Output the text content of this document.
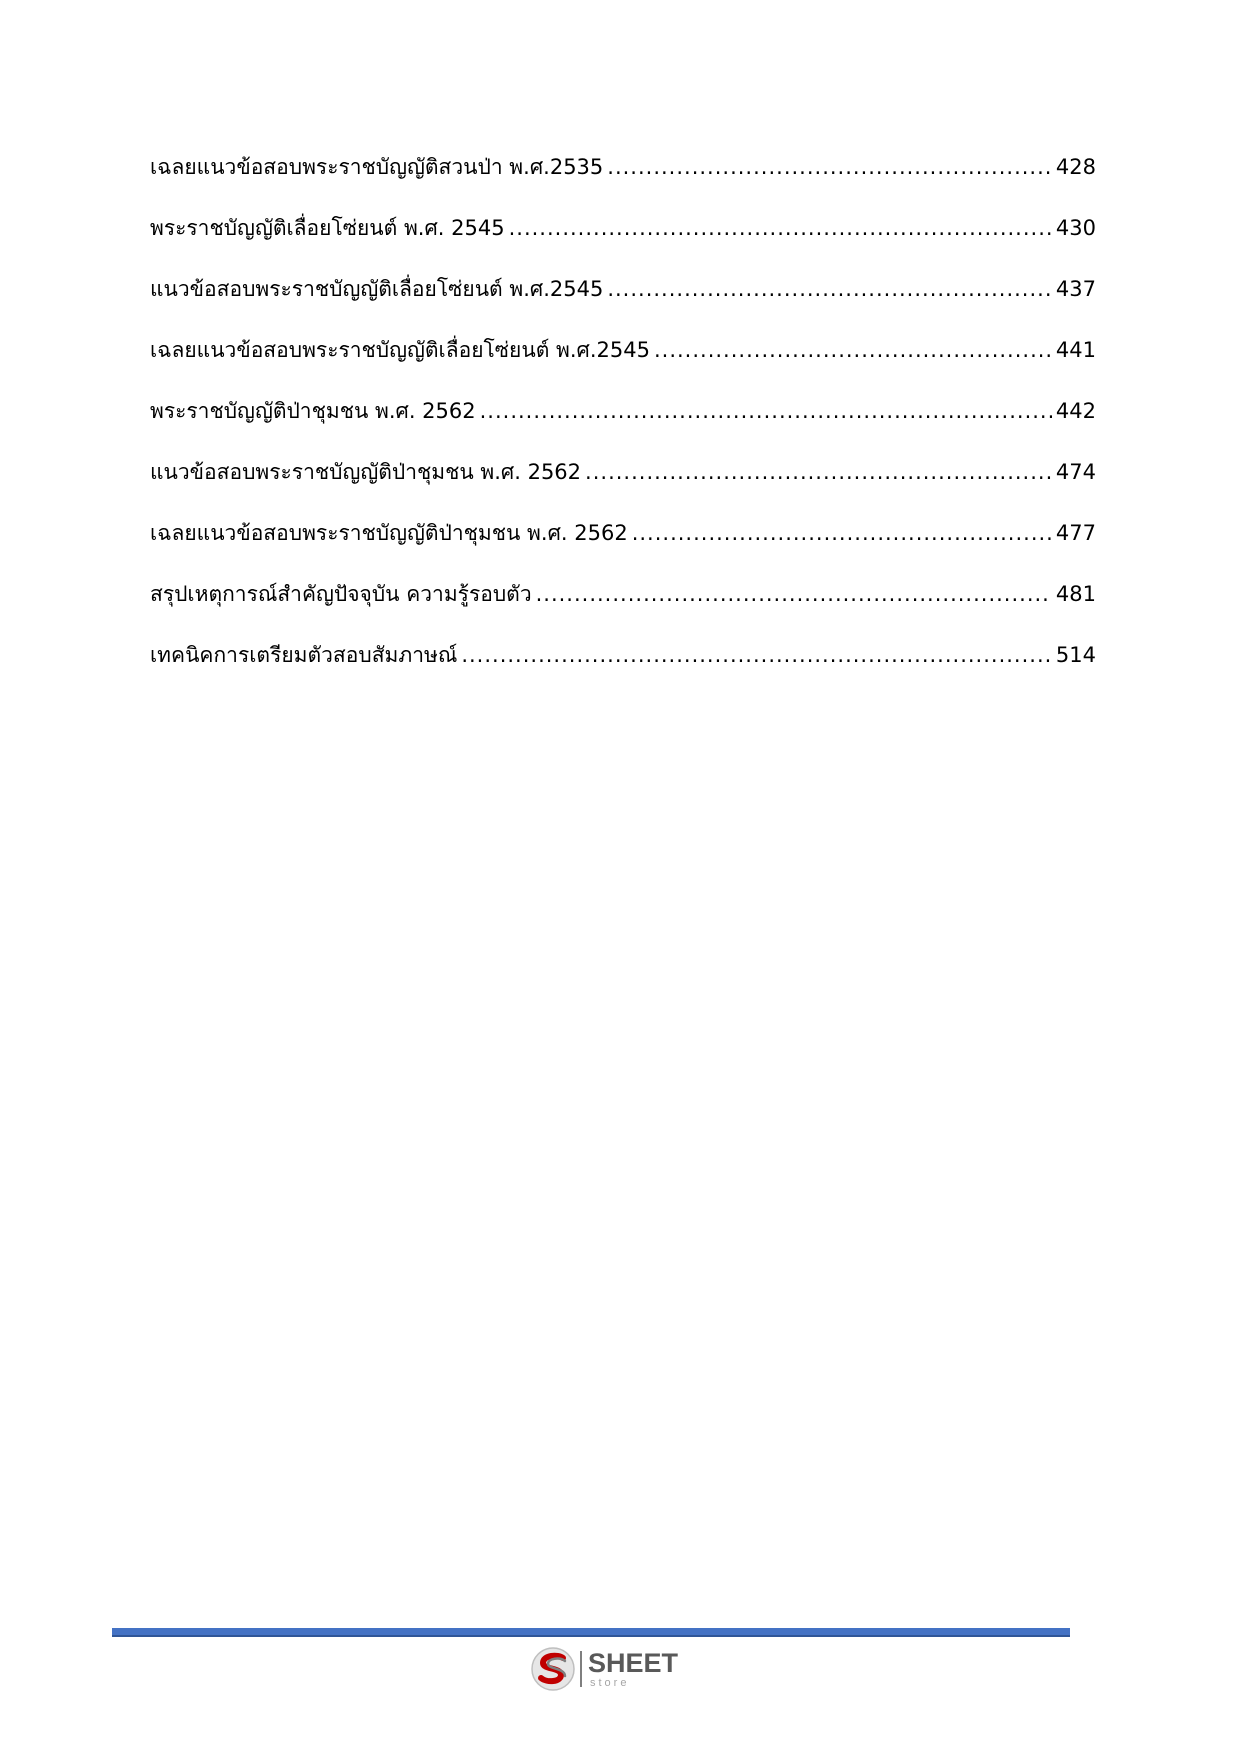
เฉลยแนวข้อสอบพระราชบัญญัติสวนป่า พ.ศ.2535 .....	428
พระราชบัญญัติเลื่อยโซ่ยนต์ พ.ศ. 2545 .....	430
แนวข้อสอบพระราชบัญญัติเลื่อยโซ่ยนต์ พ.ศ.2545 .....	437
เฉลยแนวข้อสอบพระราชบัญญัติเลื่อยโซ่ยนต์ พ.ศ.2545 .....	441
พระราชบัญญัติป่าชุมชน พ.ศ. 2562 .....	442
แนวข้อสอบพระราชบัญญัติป่าชุมชน พ.ศ. 2562 .....	474
เฉลยแนวข้อสอบพระราชบัญญัติป่าชุมชน พ.ศ. 2562 .....	477
สรุปเหตุการณ์สำคัญปัจจุบัน ความรู้รอบตัว .....	481
เทคนิคการเตรียมตัวสอบสัมภาษณ์ .....	514
SHEET
store
